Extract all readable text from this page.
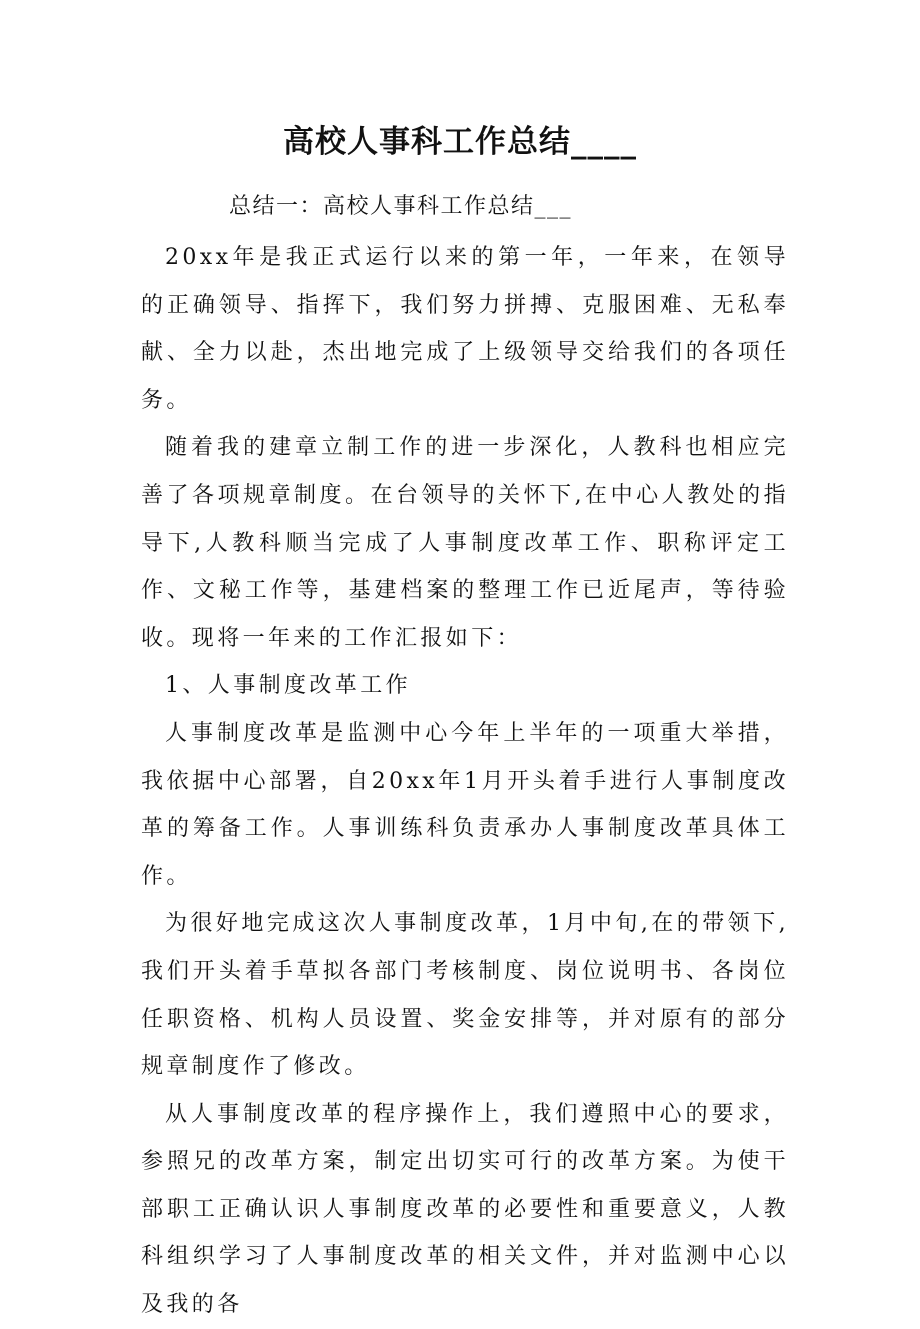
高校人事科工作总结____
总结一：高校人事科工作总结___

20xx年是我正式运行以来的第一年，一年来，在领导的正确领导、指挥下，我们努力拼搏、克服困难、无私奉献、全力以赴，杰出地完成了上级领导交给我们的各项任务。

随着我的建章立制工作的进一步深化，人教科也相应完善了各项规章制度。在台领导的关怀下,在中心人教处的指导下,人教科顺当完成了人事制度改革工作、职称评定工作、文秘工作等，基建档案的整理工作已近尾声，等待验收。现将一年来的工作汇报如下：

1、人事制度改革工作

人事制度改革是监测中心今年上半年的一项重大举措，我依据中心部署，自20xx年1月开头着手进行人事制度改革的筹备工作。人事训练科负责承办人事制度改革具体工作。

为很好地完成这次人事制度改革，1月中旬,在的带领下,我们开头着手草拟各部门考核制度、岗位说明书、各岗位任职资格、机构人员设置、奖金安排等，并对原有的部分规章制度作了修改。

从人事制度改革的程序操作上，我们遵照中心的要求，参照兄的改革方案，制定出切实可行的改革方案。为使干部职工正确认识人事制度改革的必要性和重要意义，人教科组织学习了人事制度改革的相关文件，并对监测中心以及我的各
